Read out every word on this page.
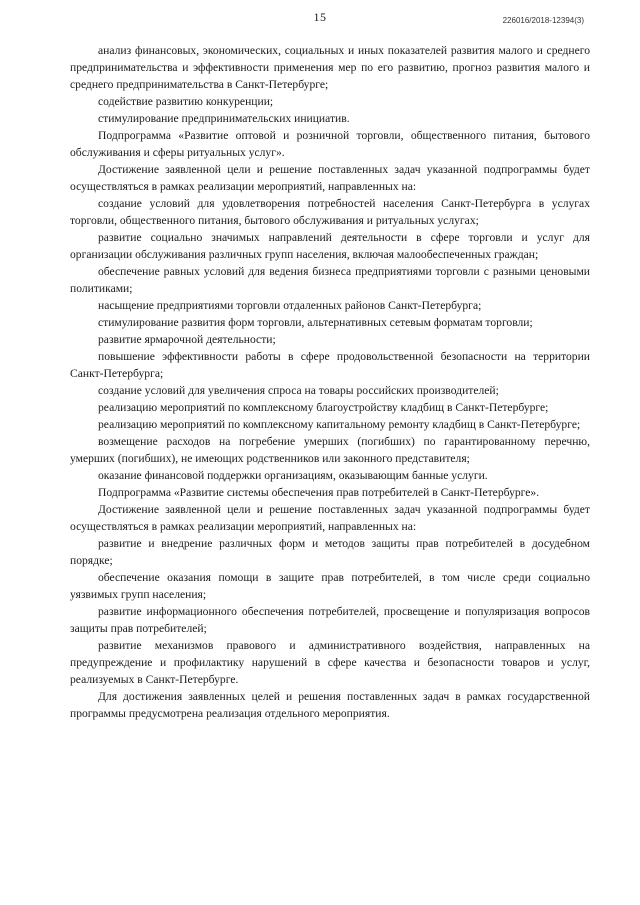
15	226016/2018-12394(3)

анализ финансовых, экономических, социальных и иных показателей развития малого и среднего предпринимательства и эффективности применения мер по его развитию, прогноз развития малого и среднего предпринимательства в Санкт-Петербурге;

содействие развитию конкуренции;

стимулирование предпринимательских инициатив.

Подпрограмма «Развитие оптовой и розничной торговли, общественного питания, бытового обслуживания и сферы ритуальных услуг».

Достижение заявленной цели и решение поставленных задач указанной подпрограммы будет осуществляться в рамках реализации мероприятий, направленных на:

создание условий для удовлетворения потребностей населения Санкт-Петербурга в услугах торговли, общественного питания, бытового обслуживания и ритуальных услугах;

развитие социально значимых направлений деятельности в сфере торговли и услуг для организации обслуживания различных групп населения, включая малообеспеченных граждан;

обеспечение равных условий для ведения бизнеса предприятиями торговли с разными ценовыми политиками;

насыщение предприятиями торговли отдаленных районов Санкт-Петербурга;

стимулирование развития форм торговли, альтернативных сетевым форматам торговли;

развитие ярмарочной деятельности;

повышение эффективности работы в сфере продовольственной безопасности на территории Санкт-Петербурга;

создание условий для увеличения спроса на товары российских производителей;

реализацию мероприятий по комплексному благоустройству кладбищ в Санкт-Петербурге;

реализацию мероприятий по комплексному капитальному ремонту кладбищ в Санкт-Петербурге;

возмещение расходов на погребение умерших (погибших) по гарантированному перечню, умерших (погибших), не имеющих родственников или законного представителя;

оказание финансовой поддержки организациям, оказывающим банные услуги.

Подпрограмма «Развитие системы обеспечения прав потребителей в Санкт-Петербурге».

Достижение заявленной цели и решение поставленных задач указанной подпрограммы будет осуществляться в рамках реализации мероприятий, направленных на:

развитие и внедрение различных форм и методов защиты прав потребителей в досудебном порядке;

обеспечение оказания помощи в защите прав потребителей, в том числе среди социально уязвимых групп населения;

развитие информационного обеспечения потребителей, просвещение и популяризация вопросов защиты прав потребителей;

развитие механизмов правового и административного воздействия, направленных на предупреждение и профилактику нарушений в сфере качества и безопасности товаров и услуг, реализуемых в Санкт-Петербурге.

Для достижения заявленных целей и решения поставленных задач в рамках государственной программы предусмотрена реализация отдельного мероприятия.
